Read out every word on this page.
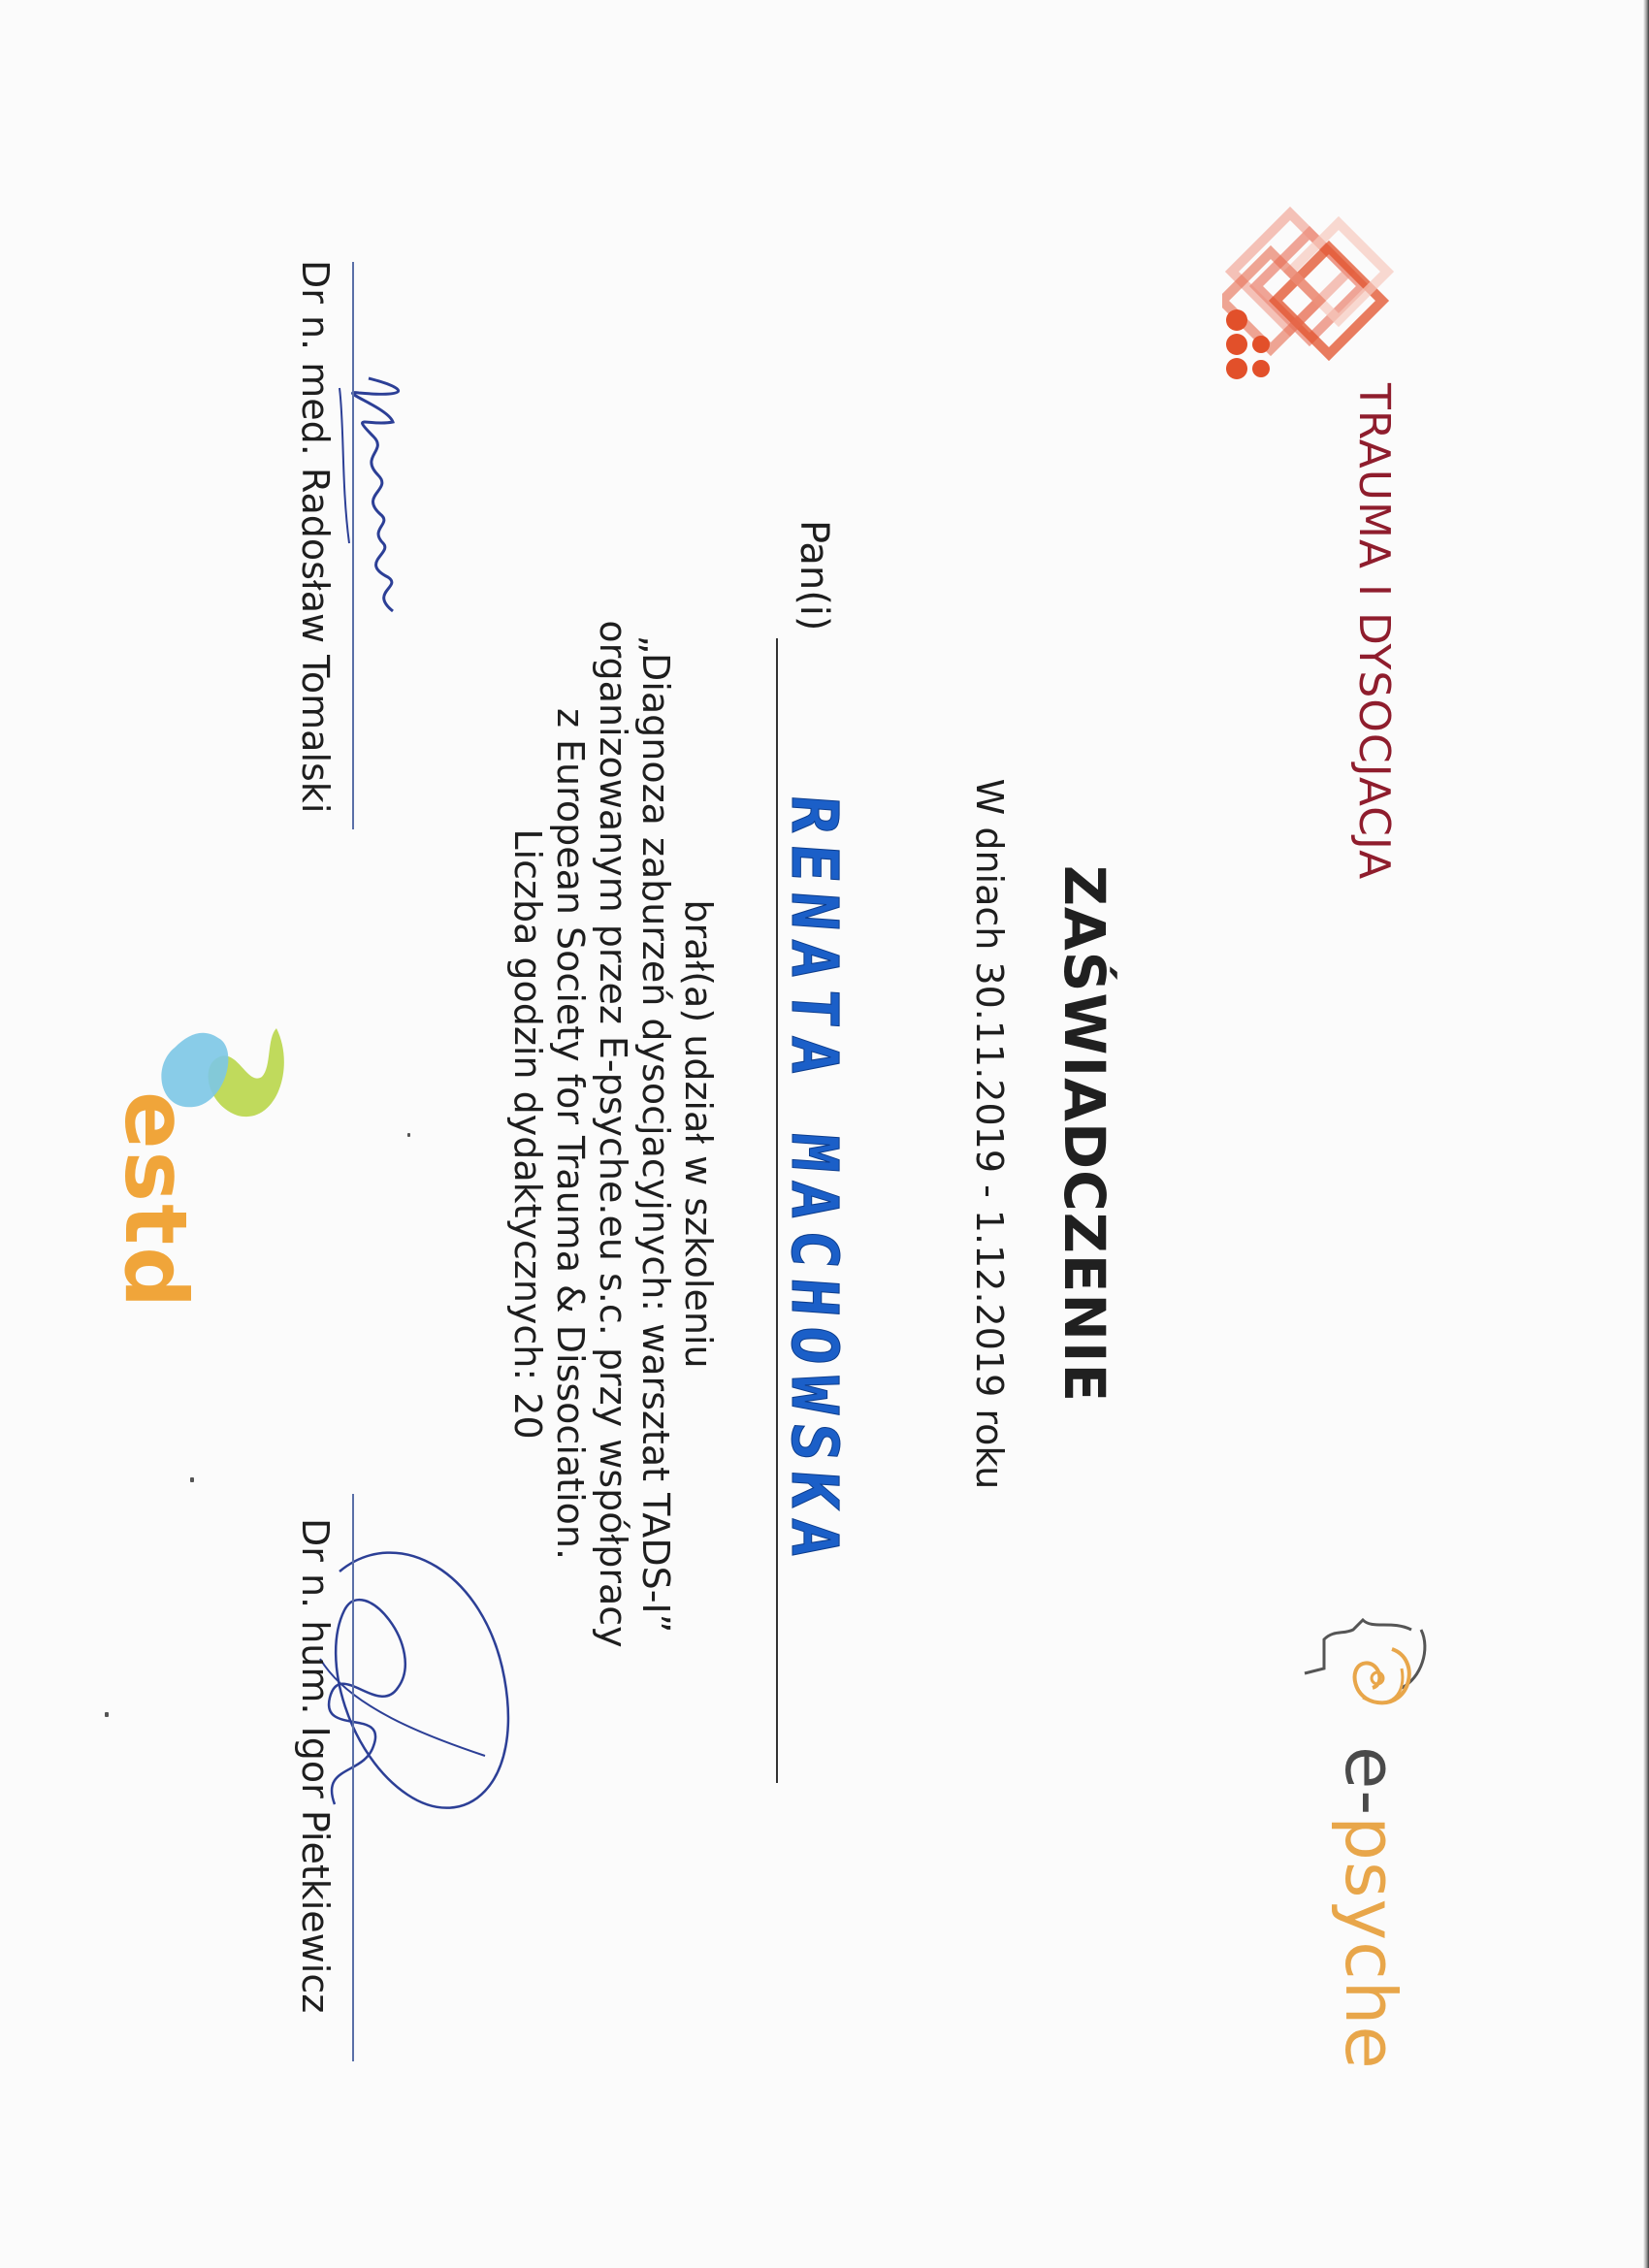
TRAUMA I DYSOCJACJA
e-psyche
ZAŚWIADCZENIE
W dniach 30.11.2019 - 1.12.2019 roku
Pan(i)
RENATA MACHOWSKA
brał(a) udział w szkoleniu
„Diagnoza zaburzeń dysocjacyjnych: warsztat TADS-I”
organizowanym przez E-psyche.eu s.c. przy współpracy
z European Society for Trauma & Dissociation.
Liczba godzin dydaktycznych: 20
Dr n. med. Radosław Tomalski
Dr n. hum. Igor Pietkiewicz
estd
